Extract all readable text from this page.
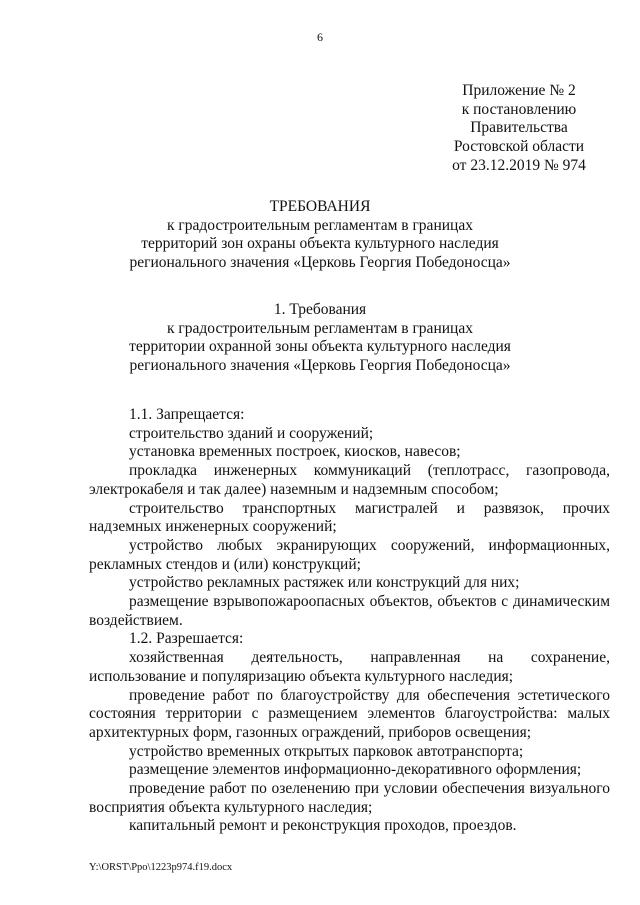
6
Приложение № 2
к постановлению
Правительства
Ростовской области
от 23.12.2019 № 974
ТРЕБОВАНИЯ
к градостроительным регламентам в границах
территорий зон охраны объекта культурного наследия
регионального значения «Церковь Георгия Победоносца»
1. Требования
к градостроительным регламентам в границах
территории охранной зоны объекта культурного наследия
регионального значения «Церковь Георгия Победоносца»

1.1. Запрещается:

строительство зданий и сооружений;

установка временных построек, киосков, навесов;

прокладка инженерных коммуникаций (теплотрасс, газопровода, электрокабеля и так далее) наземным и надземным способом;

строительство транспортных магистралей и развязок, прочих надземных инженерных сооружений;

устройство любых экранирующих сооружений, информационных, рекламных стендов и (или) конструкций;

устройство рекламных растяжек или конструкций для них;

размещение взрывопожароопасных объектов, объектов с динамическим воздействием.

1.2. Разрешается:

хозяйственная деятельность, направленная на сохранение, использование и популяризацию объекта культурного наследия;

проведение работ по благоустройству для обеспечения эстетического состояния территории с размещением элементов благоустройства: малых архитектурных форм, газонных ограждений, приборов освещения;

устройство временных открытых парковок автотранспорта;

размещение элементов информационно-декоративного оформления;

проведение работ по озеленению при условии обеспечения визуального восприятия объекта культурного наследия;

капитальный ремонт и реконструкция проходов, проездов.

Y:\ORST\Ppo\1223p974.f19.docx
